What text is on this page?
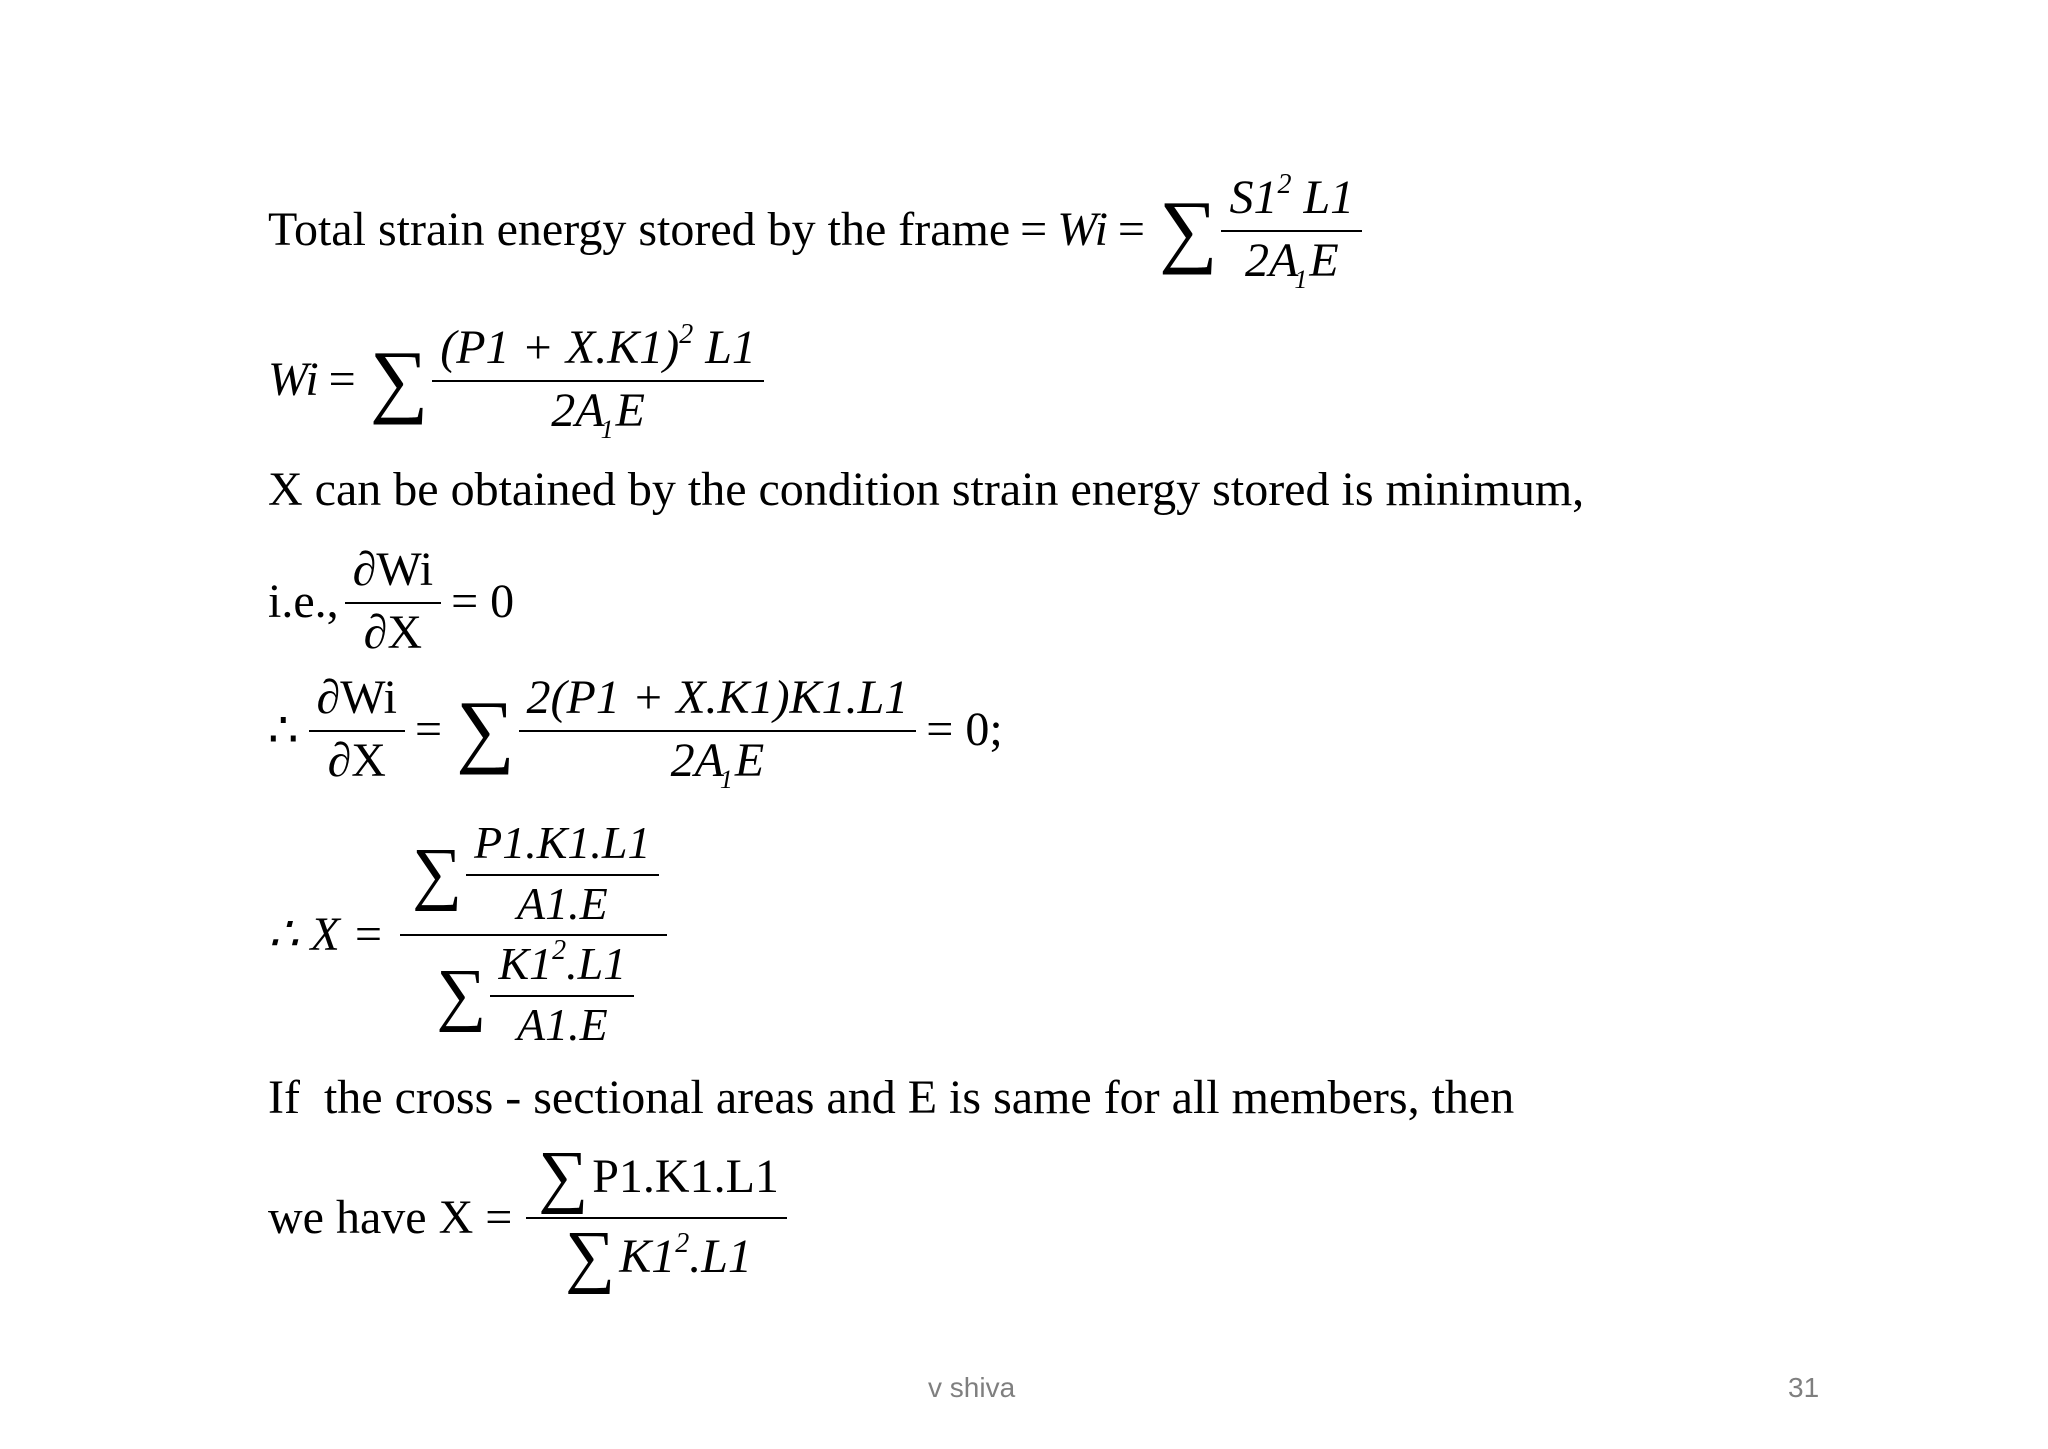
Total strain energy stored by the frame = Wi = ∑ $\frac{S1^2 L1}{2A_1E}$
Wi = ∑ $\frac{(P1 + X.K1)^2 L1}{2A_1E}$
X can be obtained by the condition strain energy stored is minimum,
i.e., $\frac{\partial Wi}{\partial X} = 0$
∴ $\frac{\partial Wi}{\partial X}$ = ∑ $\frac{2(P1 + X.K1)K1.L1}{2A_1E} = 0$;
∴ $X = \frac{\sum \frac{P1.K1.L1}{A1.E}}{\sum \frac{K1^2.L1}{A1.E}}$
If  the cross - sectional areas and E is same for all members, then
we have $X = \frac{\sum P1.K1.L1}{\sum K1^2.L1}$
v shiva	31
